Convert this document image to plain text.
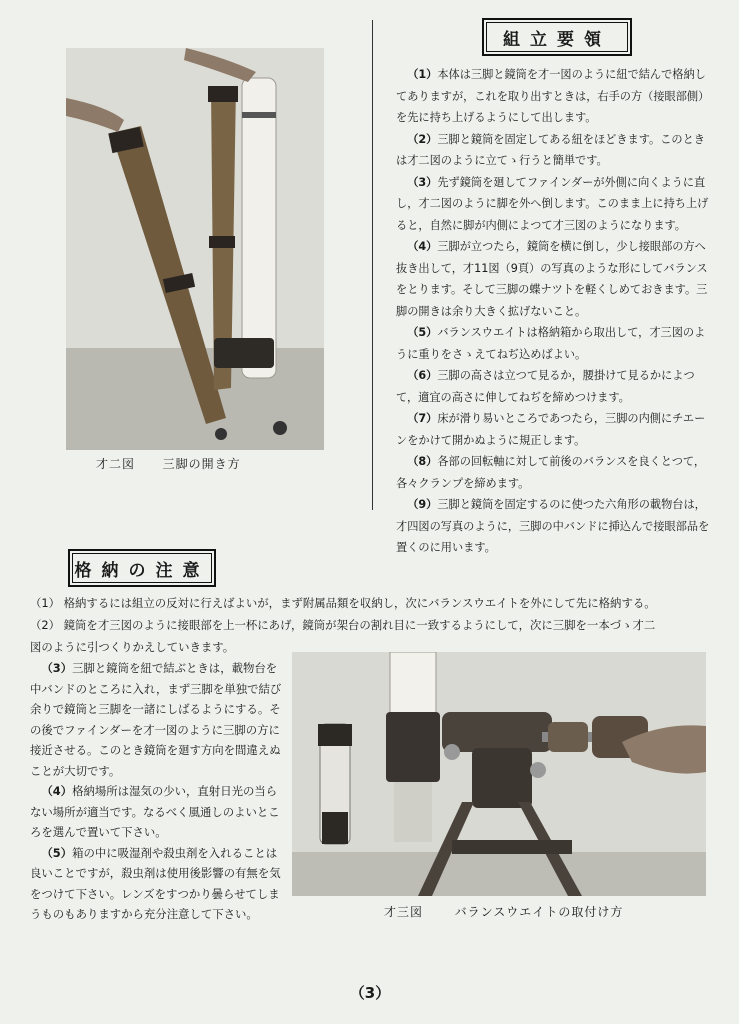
才二図 三脚の開き方
組立要領

 （1）本体は三脚と鏡筒を才一図のように紐で結んで格納してありますが，これを取り出すときは，右手の方（接眼部側）を先に持ち上げるようにして出します。

 （2）三脚と鏡筒を固定してある紐をほどきます。このときは才二図のように立てゝ行うと簡単です。

 （3）先ず鏡筒を廻してファインダーが外側に向くように直し，才二図のように脚を外へ倒します。このまま上に持ち上げると，自然に脚が内側によつて才三図のようになります。

 （4）三脚が立つたら，鏡筒を横に倒し，少し接眼部の方へ抜き出して，才11図（9頁）の写真のような形にしてバランスをとります。そして三脚の蝶ナツトを軽くしめておきます。三脚の開きは余り大きく拡げないこと。

 （5）バランスウエイトは格納箱から取出して，才三図のように重りをさゝえてねぢ込めばよい。

 （6）三脚の高さは立つて見るか，腰掛けて見るかによつて，適宜の高さに伸してねぢを締めつけます。

 （7）床が滑り易いところであつたら，三脚の内側にチエーンをかけて開かぬように規正します。

 （8）各部の回転軸に対して前後のバランスを良くとつて，各々クランプを締めます。

 （9）三脚と鏡筒を固定するのに使つた六角形の載物台は，才四図の写真のように，三脚の中バンドに挿込んで接眼部品を置くのに用います。

格納の注意

（1） 格納するには組立の反対に行えばよいが，まず附属品類を収納し，次にバランスウエイトを外にして先に格納する。

（2） 鏡筒を才三図のように接眼部を上一杯にあげ，鏡筒が架台の割れ目に一致するようにして，次に三脚を一本づゝ才二

図のように引つくりかえしていきます。

 （3）三脚と鏡筒を紐で結ぶときは，載物台を中バンドのところに入れ，まず三脚を単独で結び余りで鏡筒と三脚を一諸にしばるようにする。その後でファインダーを才一図のように三脚の方に接近させる。このとき鏡筒を廻す方向を間違えぬことが大切です。

 （4）格納場所は湿気の少い，直射日光の当らない場所が適当です。なるべく風通しのよいところを選んで置いて下さい。

 （5）箱の中に吸湿剤や殺虫剤を入れることは良いことですが，殺虫剤は使用後影響の有無を気をつけて下さい。レンズをすつかり曇らせてしまうものもありますから充分注意して下さい。	才三図	バランスウエイトの取付け方
（3）
